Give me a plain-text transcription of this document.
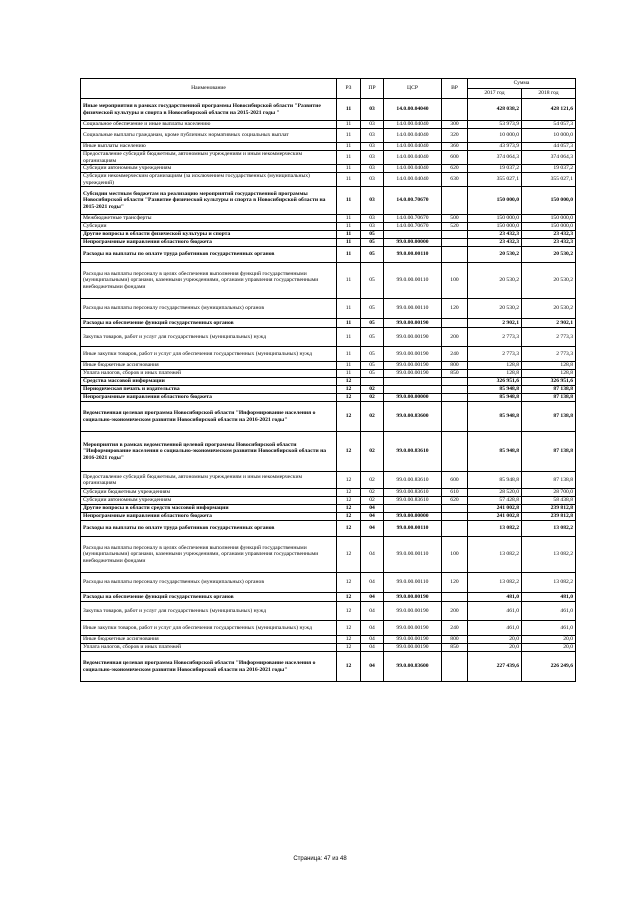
Наименование	РЗ	ПР	ЦСР	ВР	Сумма	
					2017 год	2018 год
Иные мероприятия в рамках государственной программы Новосибирской области "Развитие физической культуры и спорта в Новосибирской области на 2015-2021 годы "	11	03	14.0.00.04040		428 038,2	428 121,6
Социальное обеспечение и иные выплаты населению	11	03	14.0.00.04040	300	53 973,9	54 057,3
Социальные выплаты гражданам, кроме публичных нормативных социальных выплат	11	03	14.0.00.04040	320	10 000,0	10 000,0
Иные выплаты населению	11	03	14.0.00.04040	360	43 973,9	44 057,3
Предоставление субсидий бюджетным, автономным учреждениям и иным некоммерческим организациям	11	03	14.0.00.04040	600	374 064,3	374 064,3
Субсидии автономным учреждениям	11	03	14.0.00.04040	620	19 037,2	19 037,2
Субсидии некоммерческим организациям (за исключением государственных (муниципальных) учреждений)	11	03	14.0.00.04040	630	355 027,1	355 027,1
Субсидии местным бюджетам на реализацию мероприятий государственной программы Новосибирской области "Развитие физической культуры и спорта в Новосибирской области на 2015-2021 годы"	11	03	14.0.00.70670		150 000,0	150 000,0
Межбюджетные трансферты	11	03	14.0.00.70670	500	150 000,0	150 000,0
Субсидии	11	03	14.0.00.70670	520	150 000,0	150 000,0
Другие вопросы в области физической культуры и спорта	11	05			23 432,3	23 432,3
Непрограммные направления областного бюджета	11	05	99.0.00.00000		23 432,3	23 432,3
Расходы на выплаты по оплате труда работников государственных органов	11	05	99.0.00.00110		20 530,2	20 530,2
Расходы на выплаты персоналу в целях обеспечения выполнения функций государственными (муниципальными) органами, казенными учреждениями, органами управления государственными внебюджетными фондами	11	05	99.0.00.00110	100	20 530,2	20 530,2
Расходы на выплаты персоналу государственных (муниципальных) органов	11	05	99.0.00.00110	120	20 530,2	20 530,2
Расходы на обеспечение функций государственных органов	11	05	99.0.00.00190		2 902,1	2 902,1
Закупка товаров, работ и услуг для государственных (муниципальных) нужд	11	05	99.0.00.00190	200	2 773,3	2 773,3
Иные закупки товаров, работ и услуг для обеспечения государственных (муниципальных) нужд	11	05	99.0.00.00190	240	2 773,3	2 773,3
Иные бюджетные ассигнования	11	05	99.0.00.00190	800	128,8	128,8
Уплата налогов, сборов и иных платежей	11	05	99.0.00.00190	850	128,8	128,8
Средства массовой информации	12				326 951,6	326 951,6
Периодическая печать и издательства	12	02			85 948,8	87 138,8
Непрограммные направления областного бюджета	12	02	99.0.00.00000		85 948,8	87 138,8
Ведомственная целевая программа Новосибирской области "Информирование населения о социально-экономическом развитии Новосибирской области на 2016-2021 годы"	12	02	99.0.00.83600		85 948,8	87 138,8
Мероприятия в рамках ведомственной целевой программы Новосибирской области "Информирование населения о социально-экономическом развитии Новосибирской области на 2016-2021 годы"	12	02	99.0.00.83610		85 948,8	87 138,8
Предоставление субсидий бюджетным, автономным учреждениям и иным некоммерческим организациям	12	02	99.0.00.83610	600	85 948,8	87 138,8
Субсидии бюджетным учреждениям	12	02	99.0.00.83610	610	28 520,0	28 700,0
Субсидии автономным учреждениям	12	02	99.0.00.83610	620	57 428,8	58 438,8
Другие вопросы в области средств массовой информации	12	04			241 002,8	239 812,8
Непрограммные направления областного бюджета	12	04	99.0.00.00000		241 002,8	239 812,8
Расходы на выплаты по оплате труда работников государственных органов	12	04	99.0.00.00110		13 082,2	13 082,2
Расходы на выплаты персоналу в целях обеспечения выполнения функций государственными (муниципальными) органами, казенными учреждениями, органами управления государственными внебюджетными фондами	12	04	99.0.00.00110	100	13 082,2	13 082,2
Расходы на выплаты персоналу государственных (муниципальных) органов	12	04	99.0.00.00110	120	13 082,2	13 082,2
Расходы на обеспечение функций государственных органов	12	04	99.0.00.00190		481,0	481,0
Закупка товаров, работ и услуг для государственных (муниципальных) нужд	12	04	99.0.00.00190	200	461,0	461,0
Иные закупки товаров, работ и услуг для обеспечения государственных (муниципальных) нужд	12	04	99.0.00.00190	240	461,0	461,0
Иные бюджетные ассигнования	12	04	99.0.00.00190	800	20,0	20,0
Уплата налогов, сборов и иных платежей	12	04	99.0.00.00190	850	20,0	20,0
Ведомственная целевая программа Новосибирской области "Информирование населения о социально-экономическом развитии Новосибирской области на 2016-2021 годы"	12	04	99.0.00.83600		227 439,6	226 249,6
Страница: 47 из 48
